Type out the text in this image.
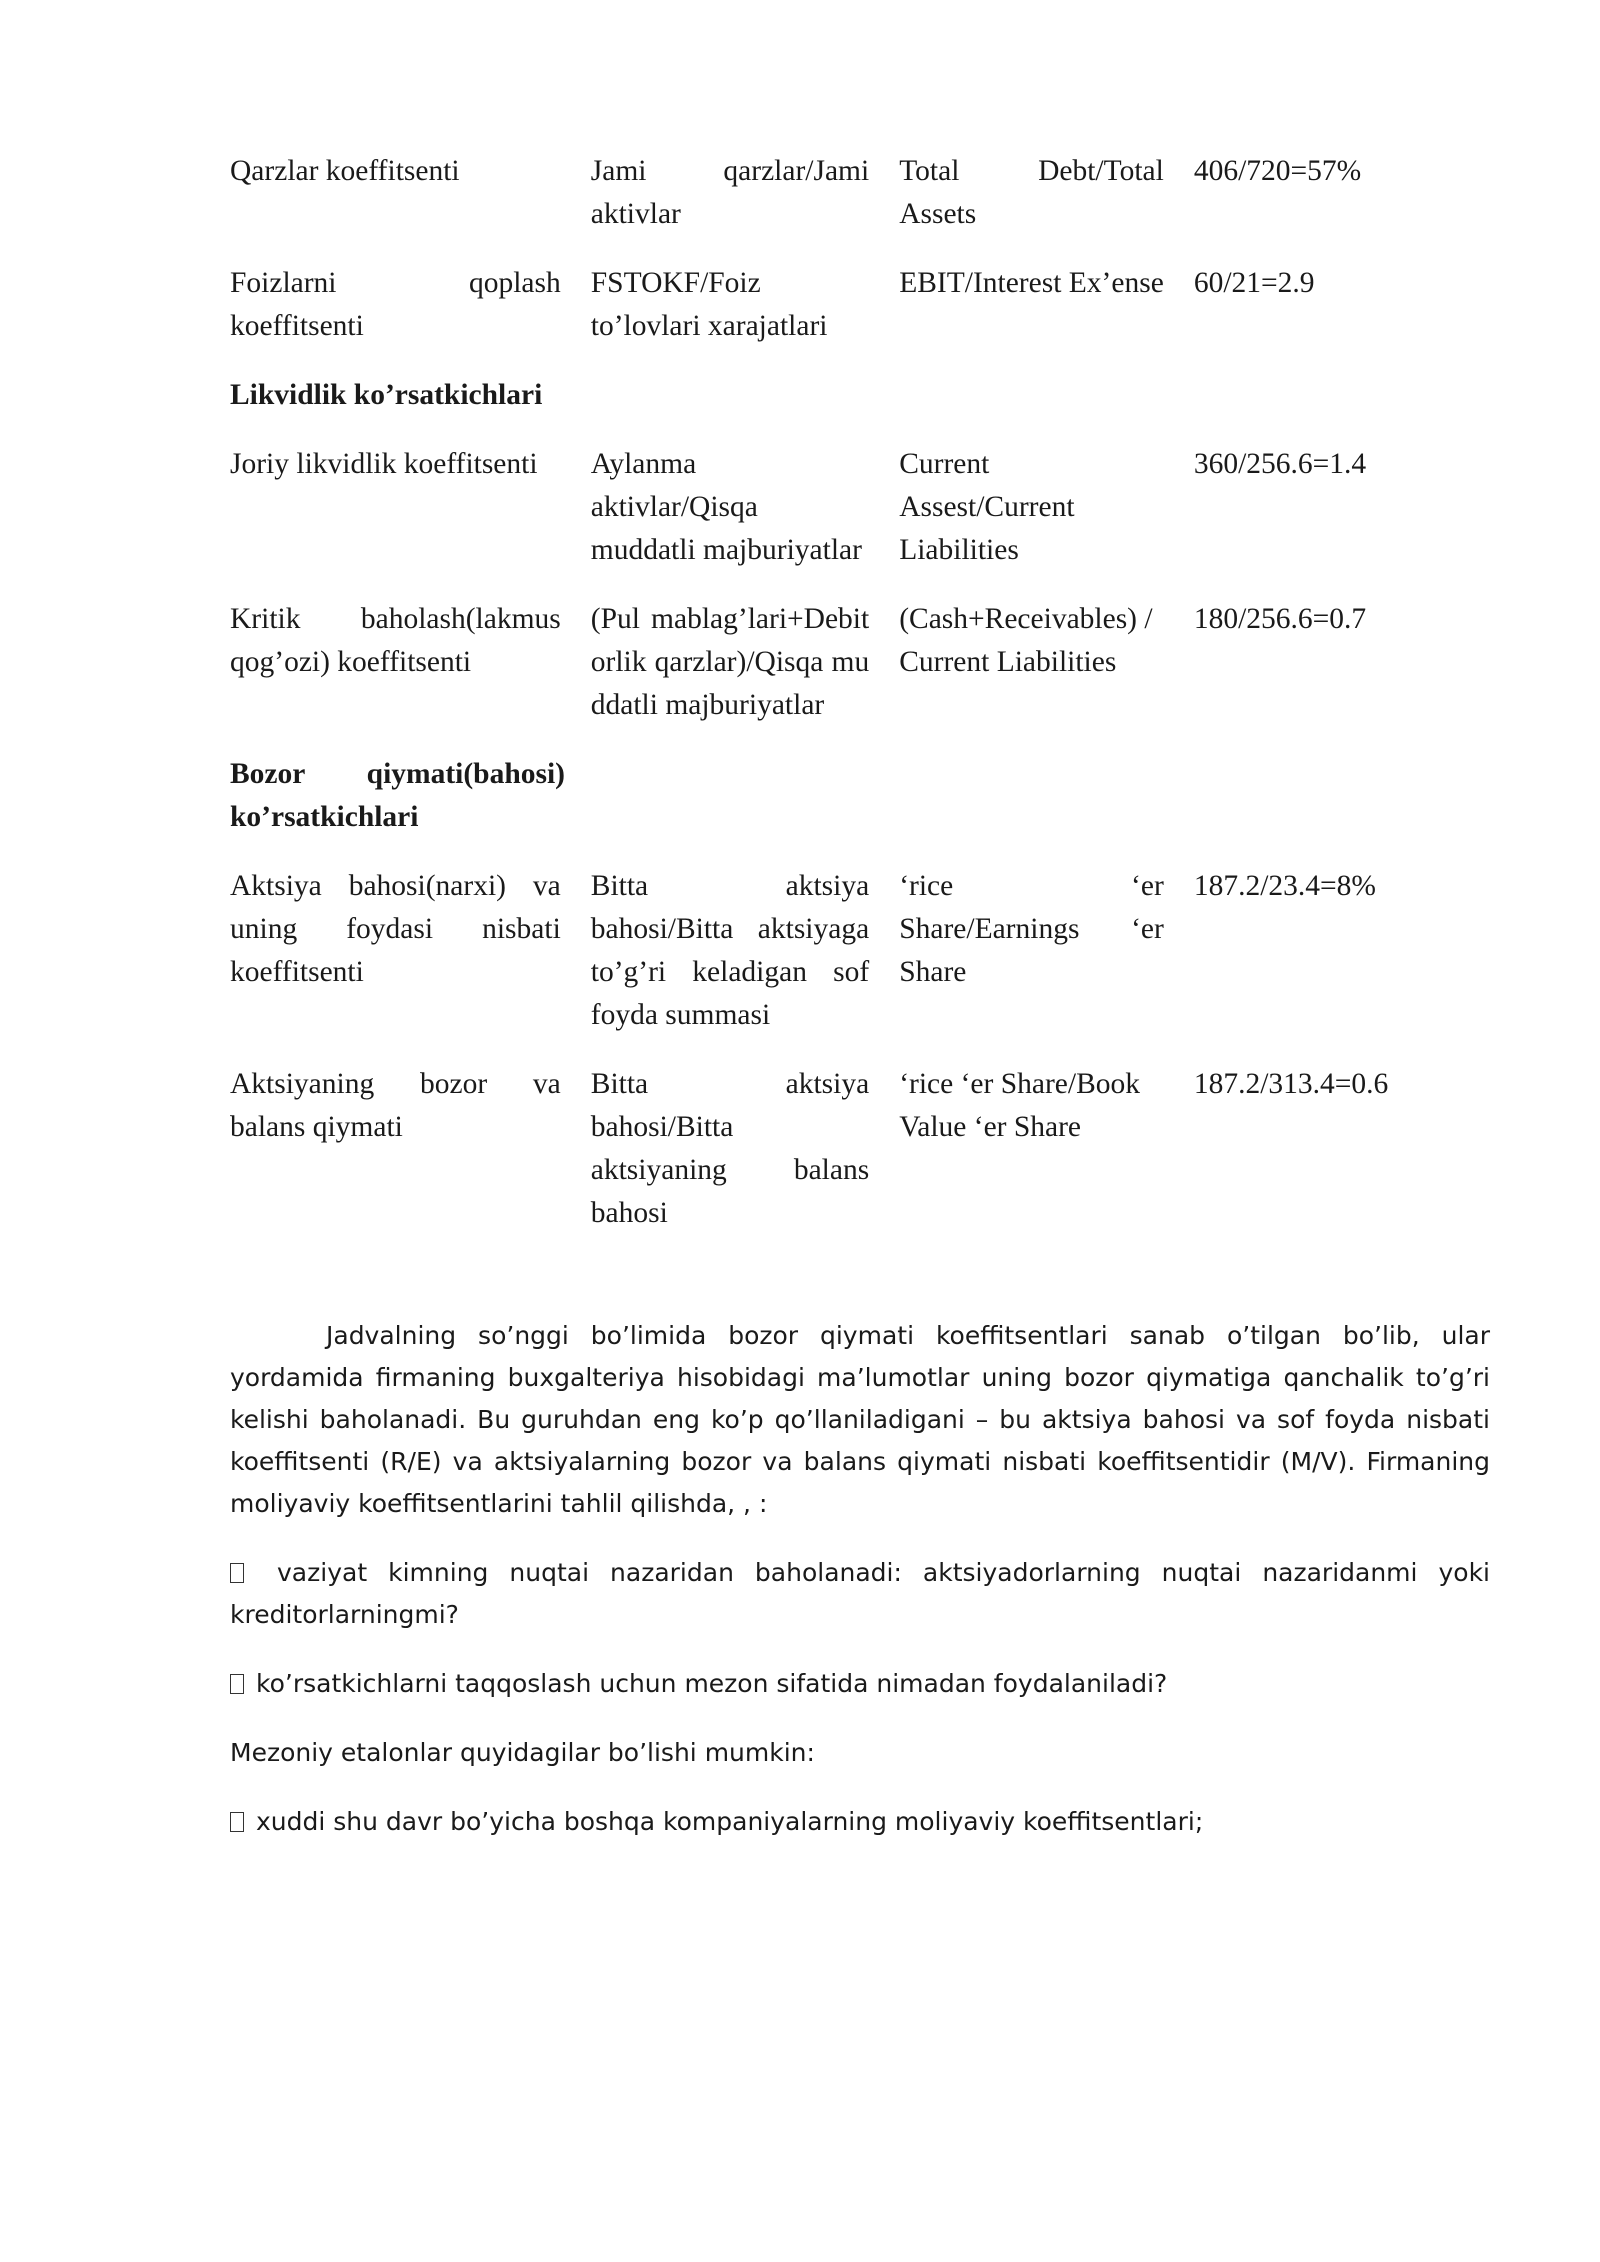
Qarzlar koeffitsenti	Jami qarzlar/Jami aktivlar
Total Debt/Total Assets
406/720=57%
Foizlarni qoplash koeffitsenti
FSTOKF/Foiz to’lovlari xarajatlari
EBIT/Interest Ex’ense 60/21=2.9
Likvidlik ko’rsatkichlari
Joriy likvidlik koeffitsenti	Aylanma aktivlar/Qisqa muddatli majburiyatlar
Current Assest/Current Liabilities
360/256.6=1.4
Kritik baholash(lakmus qog’ozi) koeffitsenti
(Pul mablag’lari+Debitorlik qarzlar)/Qisqa muddatli majburiyatlar
(Cash+Receivables) / Current Liabilities
180/256.6=0.7
Bozor qiymati(bahosi) ko’rsatkichlari
Aktsiya bahosi(narxi) va uning foydasi nisbati koeffitsenti
Bitta aktsiya bahosi/Bitta aktsiyaga to’g’ri keladigan sof foyda summasi
‘rice ‘er Share/Earnings ‘er Share
187.2/23.4=8%
Aktsiyaning bozor va balans qiymati
Bitta aktsiya bahosi/Bitta aktsiyaning balans bahosi
‘rice ‘er Share/Book Value ‘er Share
187.2/313.4=0.6

Jadvalning so’nggi bo’limida bozor qiymati koeffitsentlari sanab o’tilgan bo’lib, ular yordamida firmaning buxgalteriya hisobidagi ma’lumotlar uning bozor qiymatiga qanchalik to’g’ri kelishi baholanadi. Bu guruhdan eng ko’p qo’llaniladigani – bu aktsiya bahosi va sof foyda nisbati koeffitsenti (R/E) va aktsiyalarning bozor va balans qiymati nisbati koeffitsentidir (M/V). Firmaning moliyaviy koeffitsentlarini tahlil qilishda, , :

vaziyat kimning nuqtai nazaridan baholanadi: aktsiyadorlarning nuqtai nazaridanmi yoki kreditorlarningmi?

ko’rsatkichlarni taqqoslash uchun mezon sifatida nimadan foydalaniladi?

Mezoniy etalonlar quyidagilar bo’lishi mumkin:

xuddi shu davr bo’yicha boshqa kompaniyalarning moliyaviy koeffitsentlari;
